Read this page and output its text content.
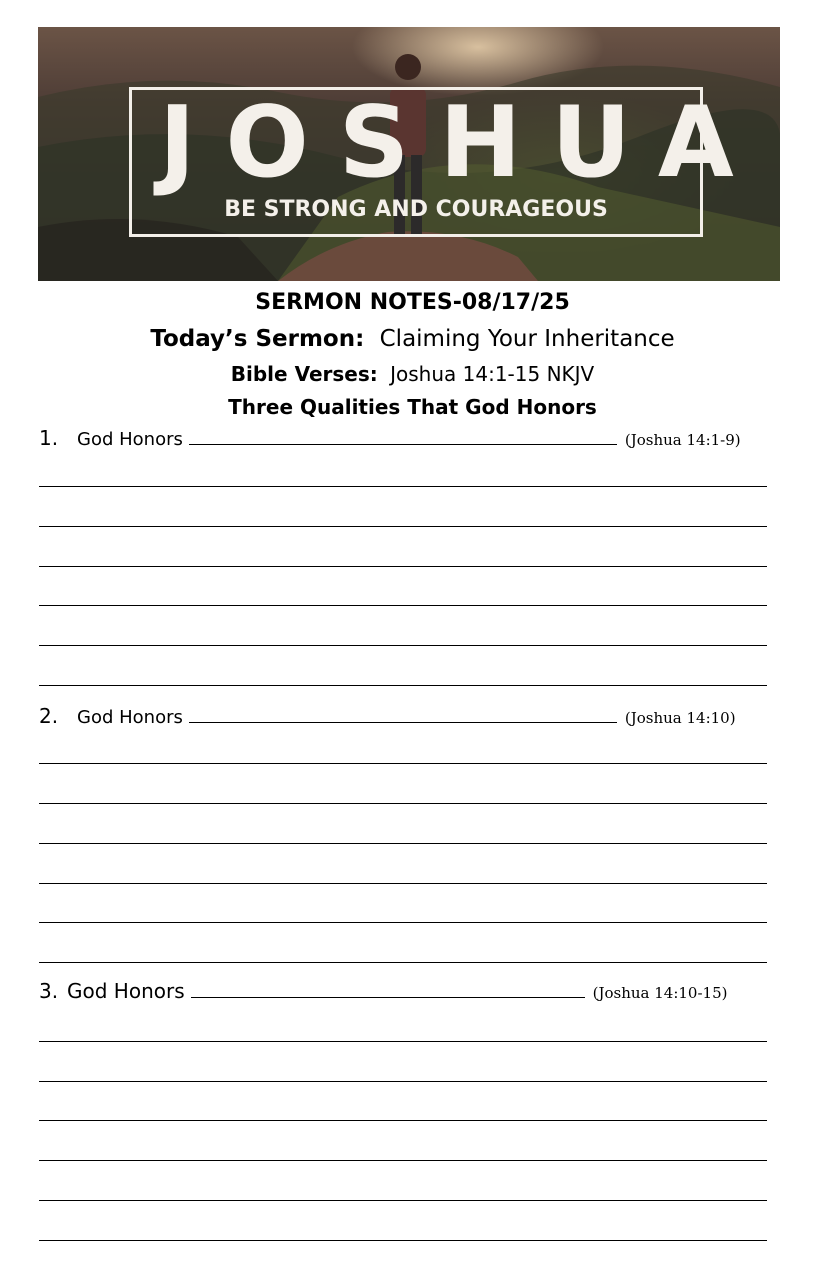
JOSHUA
BE STRONG AND COURAGEOUS
SERMON NOTES-08/17/25
Today’s Sermon: Claiming Your Inheritance
Bible Verses: Joshua 14:1-15 NKJV
Three Qualities That God Honors
1.	God Honors	(Joshua 14:1-9)
2.	God Honors	(Joshua 14:10)
3. God Honors	(Joshua 14:10-15)
